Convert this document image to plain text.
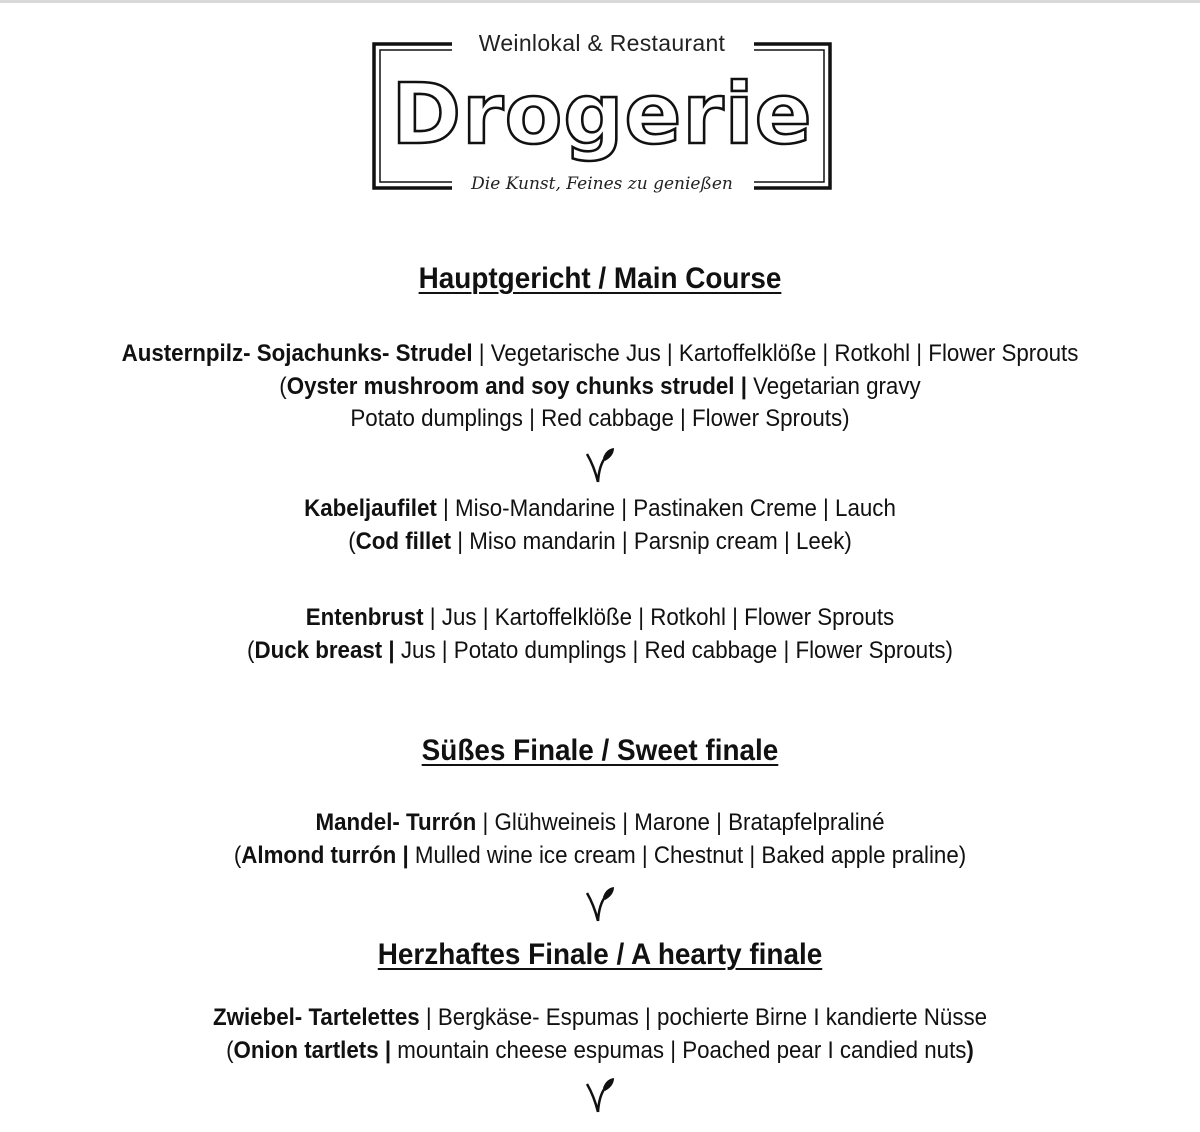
Weinlokal & Restaurant
Drogerie
Die Kunst, Feines zu genießen
Hauptgericht / Main Course
Austernpilz- Sojachunks- Strudel | Vegetarische Jus | Kartoffelklöße | Rotkohl | Flower Sprouts
(Oyster mushroom and soy chunks strudel | Vegetarian gravy
Potato dumplings | Red cabbage | Flower Sprouts)
Kabeljaufilet | Miso-Mandarine | Pastinaken Creme | Lauch
(Cod fillet | Miso mandarin | Parsnip cream | Leek)
Entenbrust | Jus | Kartoffelklöße | Rotkohl | Flower Sprouts
(Duck breast | Jus | Potato dumplings | Red cabbage | Flower Sprouts)
Süßes Finale / Sweet finale
Mandel- Turrón | Glühweineis | Marone | Bratapfelpraliné
(Almond turrón | Mulled wine ice cream | Chestnut | Baked apple praline)
Herzhaftes Finale / A hearty finale
Zwiebel- Tartelettes | Bergkäse- Espumas | pochierte Birne I kandierte Nüsse
(Onion tartlets | mountain cheese espumas | Poached pear I candied nuts)
